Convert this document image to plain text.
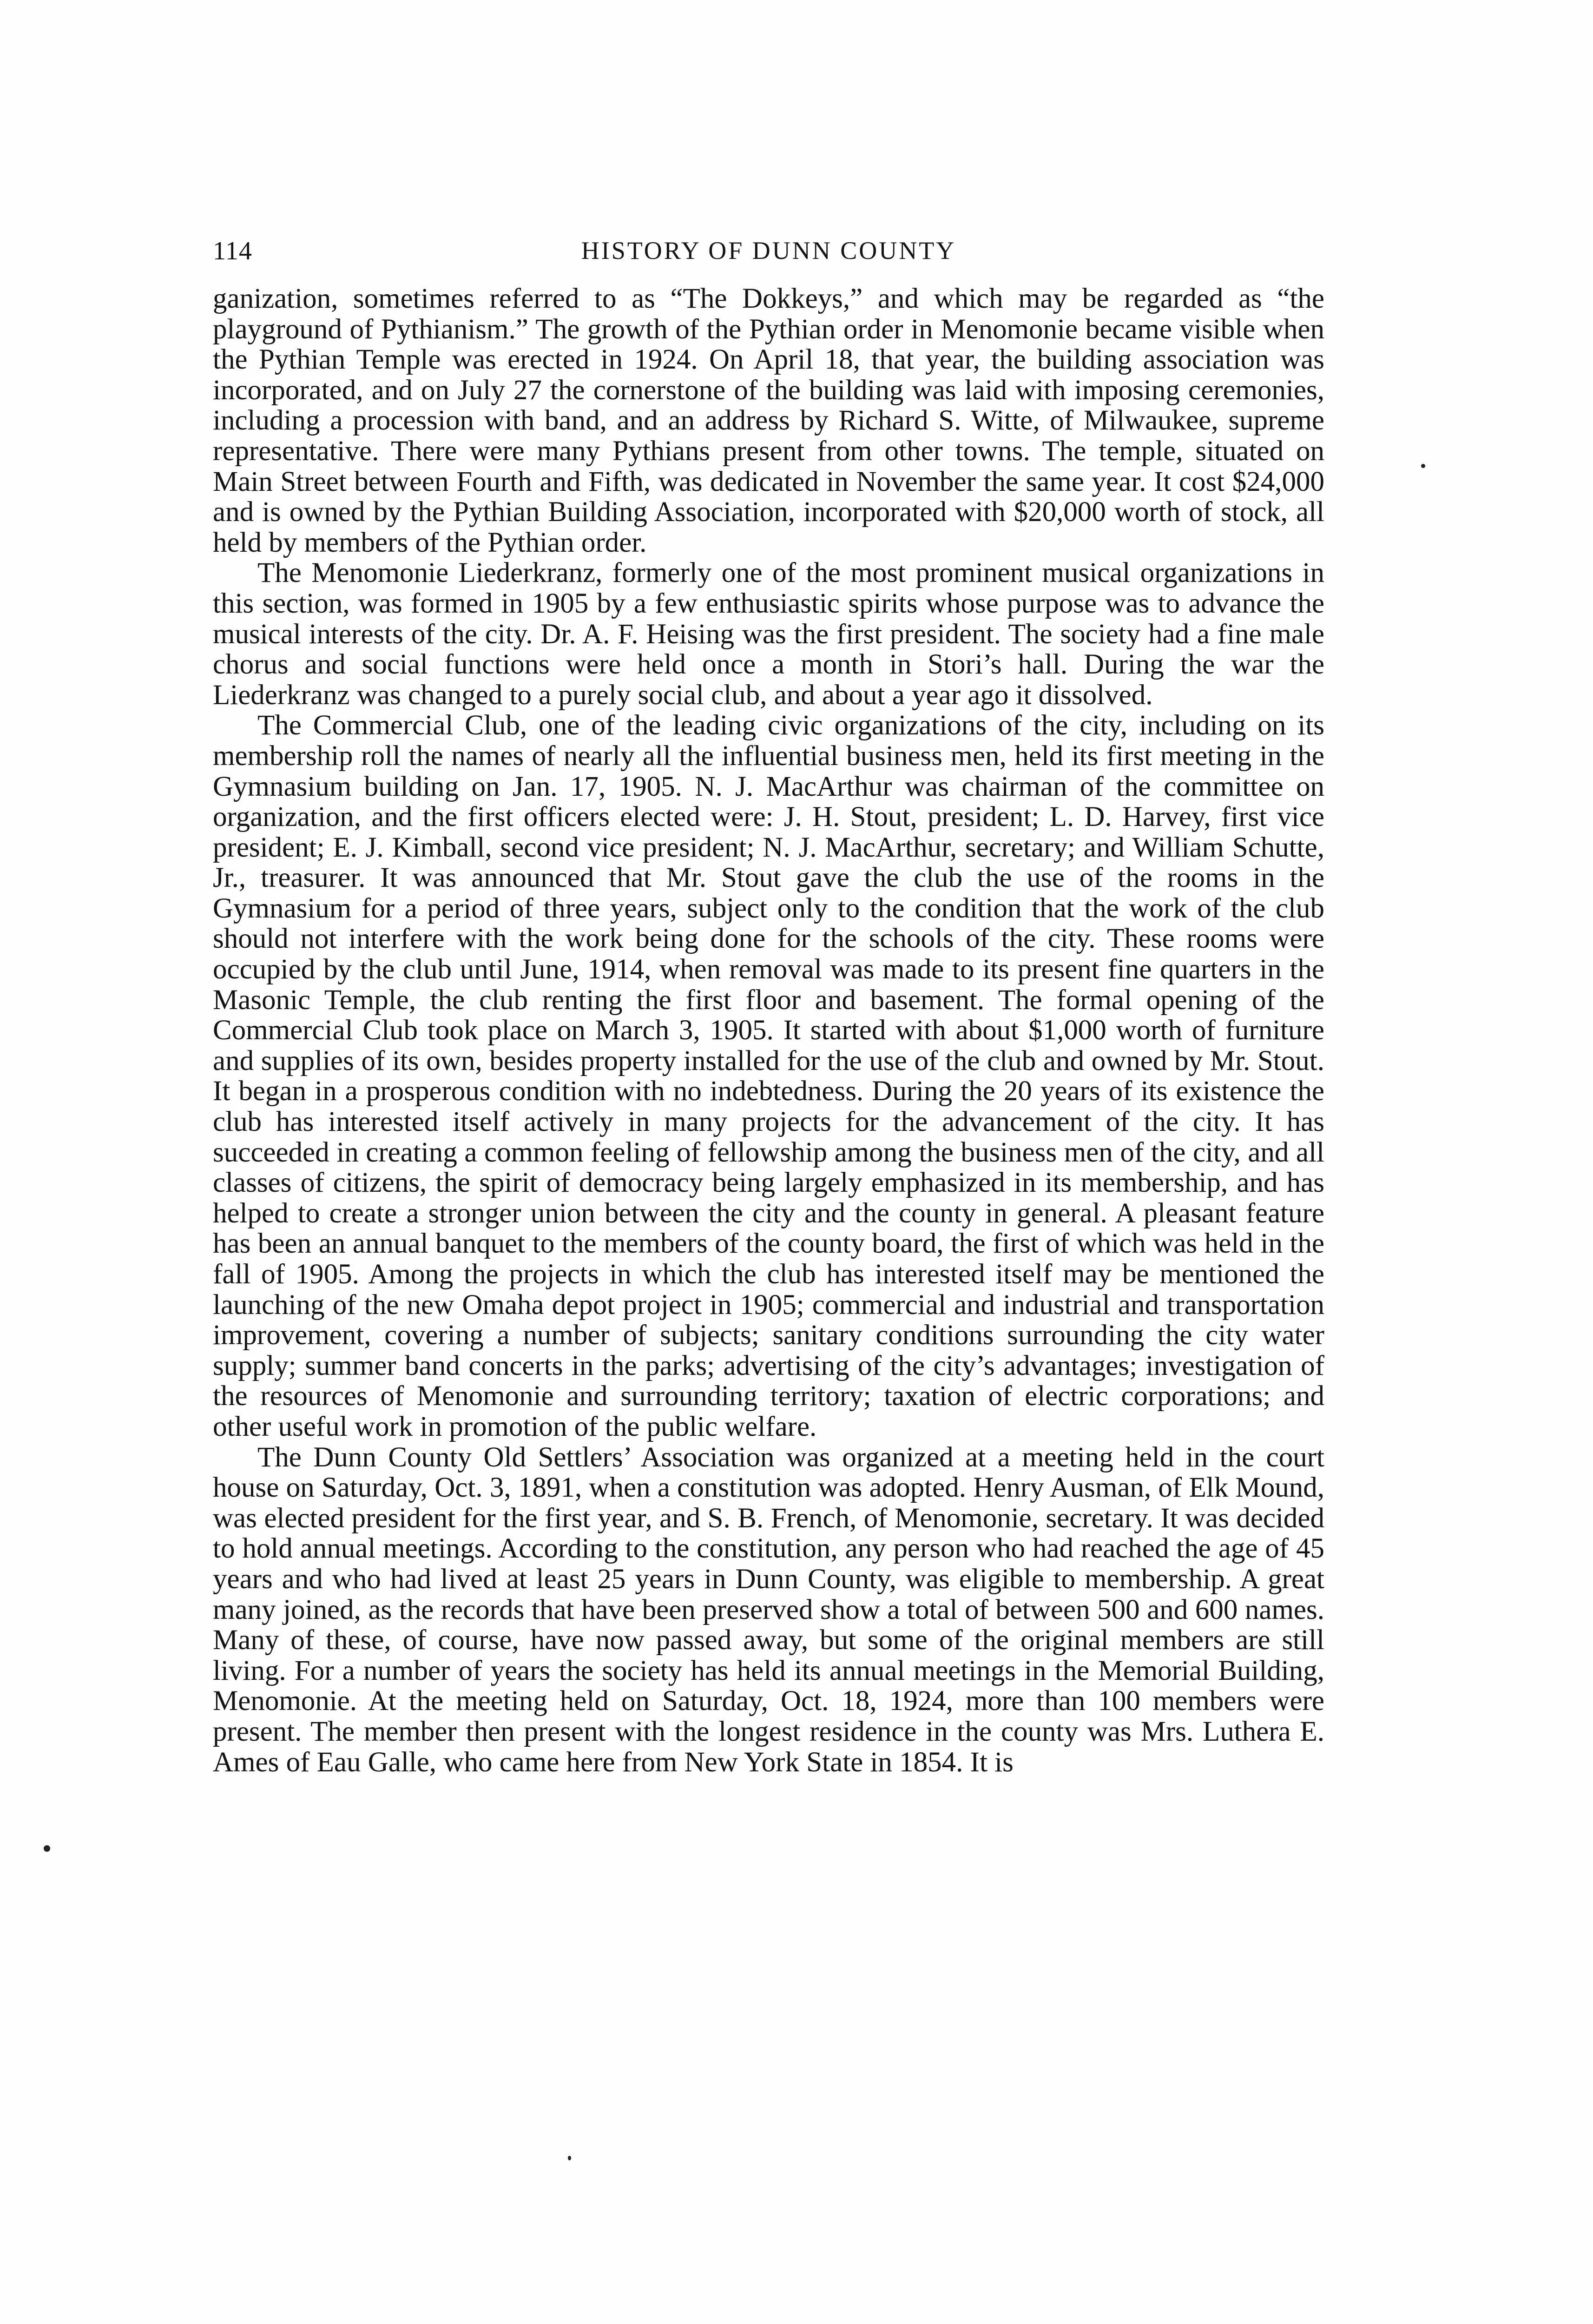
114	HISTORY OF DUNN COUNTY

ganization, sometimes referred to as “The Dokkeys,” and which may be regarded as “the playground of Pythianism.” The growth of the Pythian order in Menomonie became visible when the Pythian Temple was erected in 1924. On April 18, that year, the building association was incorporated, and on July 27 the cornerstone of the building was laid with imposing ceremonies, including a procession with band, and an address by Richard S. Witte, of Milwaukee, supreme representative. There were many Pythians present from other towns. The temple, situated on Main Street between Fourth and Fifth, was dedicated in November the same year. It cost $24,000 and is owned by the Pythian Building Association, incorporated with $20,000 worth of stock, all held by members of the Pythian order.

The Menomonie Liederkranz, formerly one of the most prominent musical organizations in this section, was formed in 1905 by a few enthusiastic spirits whose purpose was to advance the musical interests of the city. Dr. A. F. Heising was the first president. The society had a fine male chorus and social functions were held once a month in Stori’s hall. During the war the Liederkranz was changed to a purely social club, and about a year ago it dissolved.

The Commercial Club, one of the leading civic organizations of the city, including on its membership roll the names of nearly all the influential business men, held its first meeting in the Gymnasium building on Jan. 17, 1905. N. J. MacArthur was chairman of the committee on organization, and the first officers elected were: J. H. Stout, president; L. D. Harvey, first vice president; E. J. Kimball, second vice president; N. J. MacArthur, secretary; and William Schutte, Jr., treasurer. It was announced that Mr. Stout gave the club the use of the rooms in the Gymnasium for a period of three years, subject only to the condition that the work of the club should not interfere with the work being done for the schools of the city. These rooms were occupied by the club until June, 1914, when removal was made to its present fine quarters in the Masonic Temple, the club renting the first floor and basement. The formal opening of the Commercial Club took place on March 3, 1905. It started with about $1,000 worth of furniture and supplies of its own, besides property installed for the use of the club and owned by Mr. Stout. It began in a prosperous condition with no indebtedness. During the 20 years of its existence the club has interested itself actively in many projects for the advancement of the city. It has succeeded in creating a common feeling of fellowship among the business men of the city, and all classes of citizens, the spirit of democracy being largely emphasized in its membership, and has helped to create a stronger union between the city and the county in general. A pleasant feature has been an annual banquet to the members of the county board, the first of which was held in the fall of 1905. Among the projects in which the club has interested itself may be mentioned the launching of the new Omaha depot project in 1905; commercial and industrial and transportation improvement, covering a number of subjects; sanitary conditions surrounding the city water supply; summer band concerts in the parks; advertising of the city’s advantages; investigation of the resources of Menomonie and surrounding territory; taxation of electric corporations; and other useful work in promotion of the public welfare.

The Dunn County Old Settlers’ Association was organized at a meeting held in the court house on Saturday, Oct. 3, 1891, when a constitution was adopted. Henry Ausman, of Elk Mound, was elected president for the first year, and S. B. French, of Menomonie, secretary. It was decided to hold annual meetings. According to the constitution, any person who had reached the age of 45 years and who had lived at least 25 years in Dunn County, was eligible to membership. A great many joined, as the records that have been preserved show a total of between 500 and 600 names. Many of these, of course, have now passed away, but some of the original members are still living. For a number of years the society has held its annual meetings in the Memorial Building, Menomonie. At the meeting held on Saturday, Oct. 18, 1924, more than 100 members were present. The member then present with the longest residence in the county was Mrs. Luthera E. Ames of Eau Galle, who came here from New York State in 1854. It is
